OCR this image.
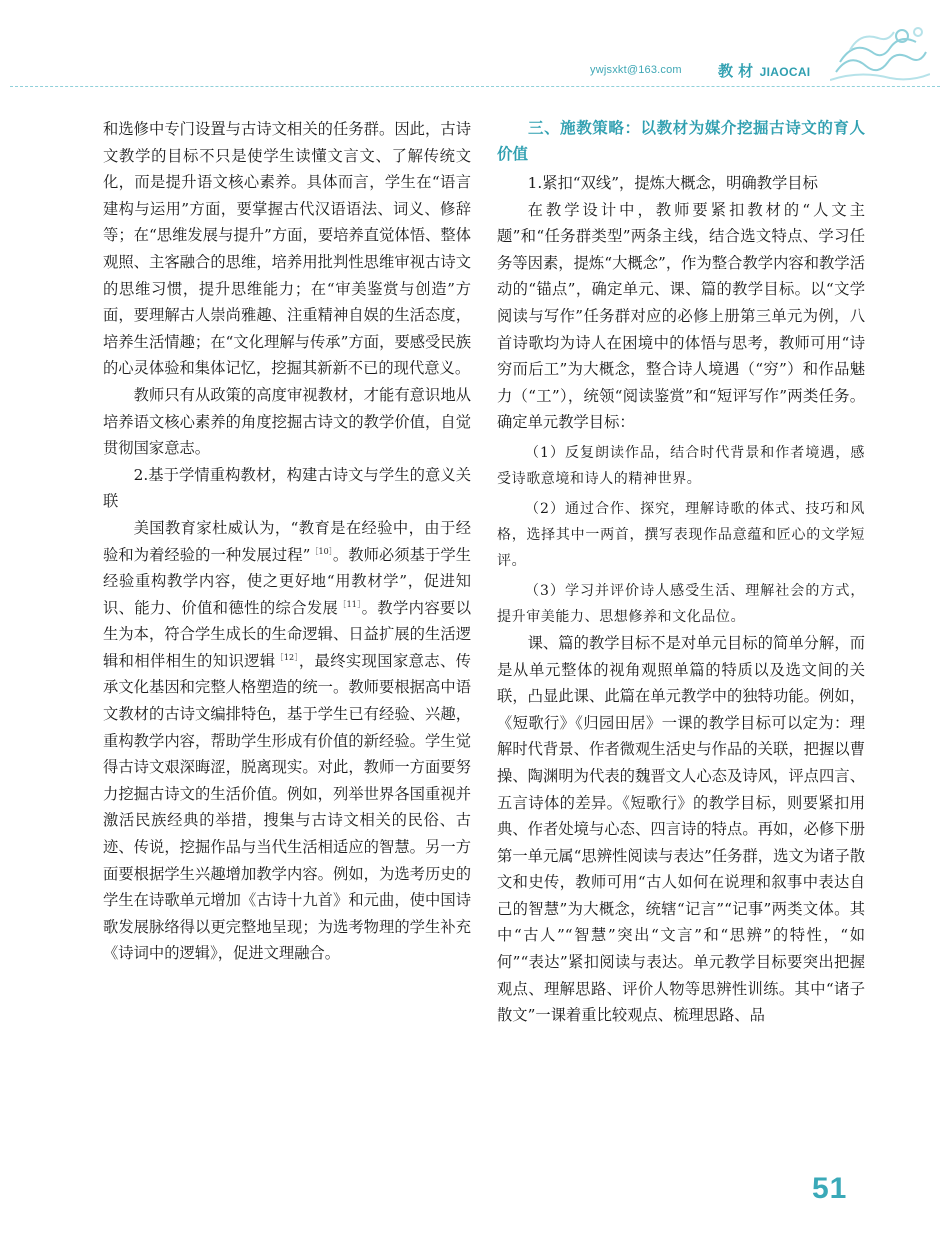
ywjsxkt@163.com 教 材 JIAOCAI

和选修中专门设置与古诗文相关的任务群。因此，古诗文教学的目标不只是使学生读懂文言文、了解传统文化，而是提升语文核心素养。具体而言，学生在“语言建构与运用”方面，要掌握古代汉语语法、词义、修辞等；在“思维发展与提升”方面，要培养直觉体悟、整体观照、主客融合的思维，培养用批判性思维审视古诗文的思维习惯，提升思维能力；在“审美鉴赏与创造”方面，要理解古人崇尚雅趣、注重精神自娱的生活态度，培养生活情趣；在“文化理解与传承”方面，要感受民族的心灵体验和集体记忆，挖掘其新新不已的现代意义。

教师只有从政策的高度审视教材，才能有意识地从培养语文核心素养的角度挖掘古诗文的教学价值，自觉贯彻国家意志。

2.基于学情重构教材，构建古诗文与学生的意义关联

美国教育家杜威认为，“教育是在经验中，由于经验和为着经验的一种发展过程”$^{[10]}$。教师必须基于学生经验重构教学内容，使之更好地“用教材学”，促进知识、能力、价值和德性的综合发展$^{[11]}$。教学内容要以生为本，符合学生成长的生命逻辑、日益扩展的生活逻辑和相伴相生的知识逻辑$^{[12]}$，最终实现国家意志、传承文化基因和完整人格塑造的统一。教师要根据高中语文教材的古诗文编排特色，基于学生已有经验、兴趣，重构教学内容，帮助学生形成有价值的新经验。学生觉得古诗文艰深晦涩，脱离现实。对此，教师一方面要努力挖掘古诗文的生活价值。例如，列举世界各国重视并激活民族经典的举措，搜集与古诗文相关的民俗、古迹、传说，挖掘作品与当代生活相适应的智慧。另一方面要根据学生兴趣增加教学内容。例如，为选考历史的学生在诗歌单元增加《古诗十九首》和元曲，使中国诗歌发展脉络得以更完整地呈现；为选考物理的学生补充《诗词中的逻辑》，促进文理融合。

三、施教策略：以教材为媒介挖掘古诗文的育人价值

1.紧扣“双线”，提炼大概念，明确教学目标

在教学设计中，教师要紧扣教材的“人文主题”和“任务群类型”两条主线，结合选文特点、学习任务等因素，提炼“大概念”，作为整合教学内容和教学活动的“锚点”，确定单元、课、篇的教学目标。以“文学阅读与写作”任务群对应的必修上册第三单元为例，八首诗歌均为诗人在困境中的体悟与思考，教师可用“诗穷而后工”为大概念，整合诗人境遇（“穷”）和作品魅力（“工”），统领“阅读鉴赏”和“短评写作”两类任务。确定单元教学目标：

（1）反复朗读作品，结合时代背景和作者境遇，感受诗歌意境和诗人的精神世界。

（2）通过合作、探究，理解诗歌的体式、技巧和风格，选择其中一两首，撰写表现作品意蕴和匠心的文学短评。

（3）学习并评价诗人感受生活、理解社会的方式，提升审美能力、思想修养和文化品位。

课、篇的教学目标不是对单元目标的简单分解，而是从单元整体的视角观照单篇的特质以及选文间的关联，凸显此课、此篇在单元教学中的独特功能。例如，《短歌行》《归园田居》一课的教学目标可以定为：理解时代背景、作者微观生活史与作品的关联，把握以曹操、陶渊明为代表的魏晋文人心态及诗风，评点四言、五言诗体的差异。《短歌行》的教学目标，则要紧扣用典、作者处境与心态、四言诗的特点。再如，必修下册第一单元属“思辨性阅读与表达”任务群，选文为诸子散文和史传，教师可用“古人如何在说理和叙事中表达自己的智慧”为大概念，统辖“记言”“记事”两类文体。其中“古人”“智慧”突出“文言”和“思辨”的特性，“如何”“表达”紧扣阅读与表达。单元教学目标要突出把握观点、理解思路、评价人物等思辨性训练。其中“诸子散文”一课着重比较观点、梳理思路、品

51
